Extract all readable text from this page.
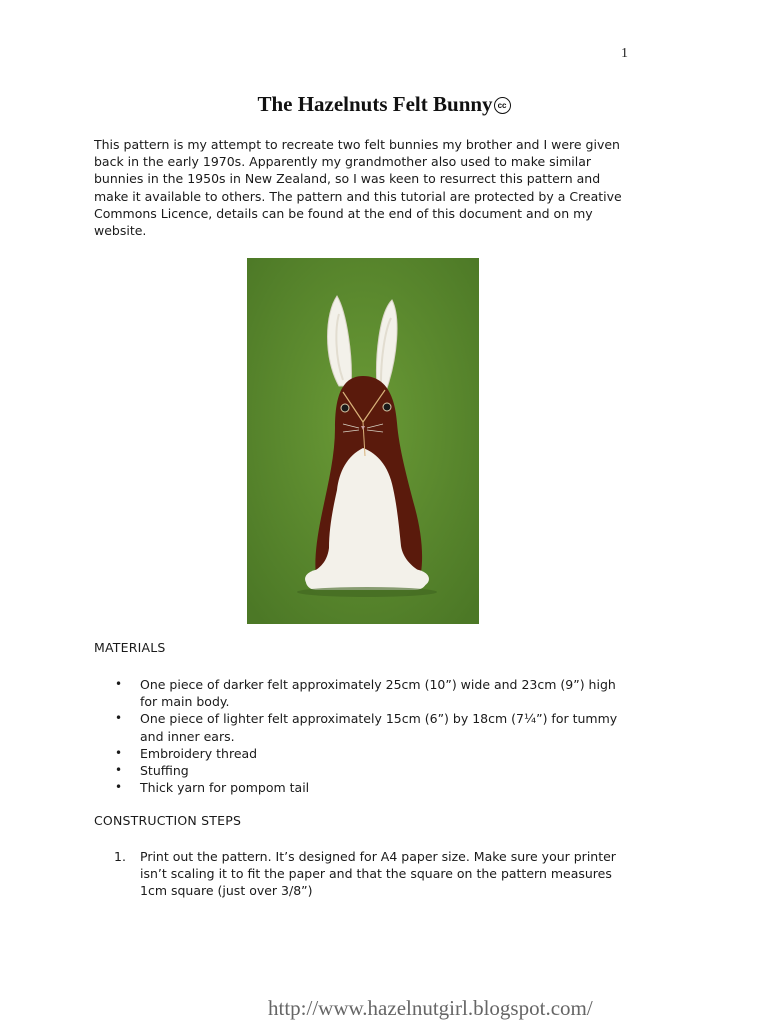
1
The Hazelnuts Felt Bunny cc

This pattern is my attempt to recreate two felt bunnies my brother and I were given back in the early 1970s. Apparently my grandmother also used to make similar bunnies in the 1950s in New Zealand, so I was keen to resurrect this pattern and make it available to others. The pattern and this tutorial are protected by a Creative Commons Licence, details can be found at the end of this document and on my website.

MATERIALS

• One piece of darker felt approximately 25cm (10”) wide and 23cm (9”) high for main body.
• One piece of lighter felt approximately 15cm (6”) by 18cm (7¼”) for tummy and inner ears.
• Embroidery thread
• Stuffing
• Thick yarn for pompom tail

CONSTRUCTION STEPS

1. Print out the pattern. It’s designed for A4 paper size. Make sure your printer isn’t scaling it to fit the paper and that the square on the pattern measures 1cm square (just over 3/8”)
http://www.hazelnutgirl.blogspot.com/
